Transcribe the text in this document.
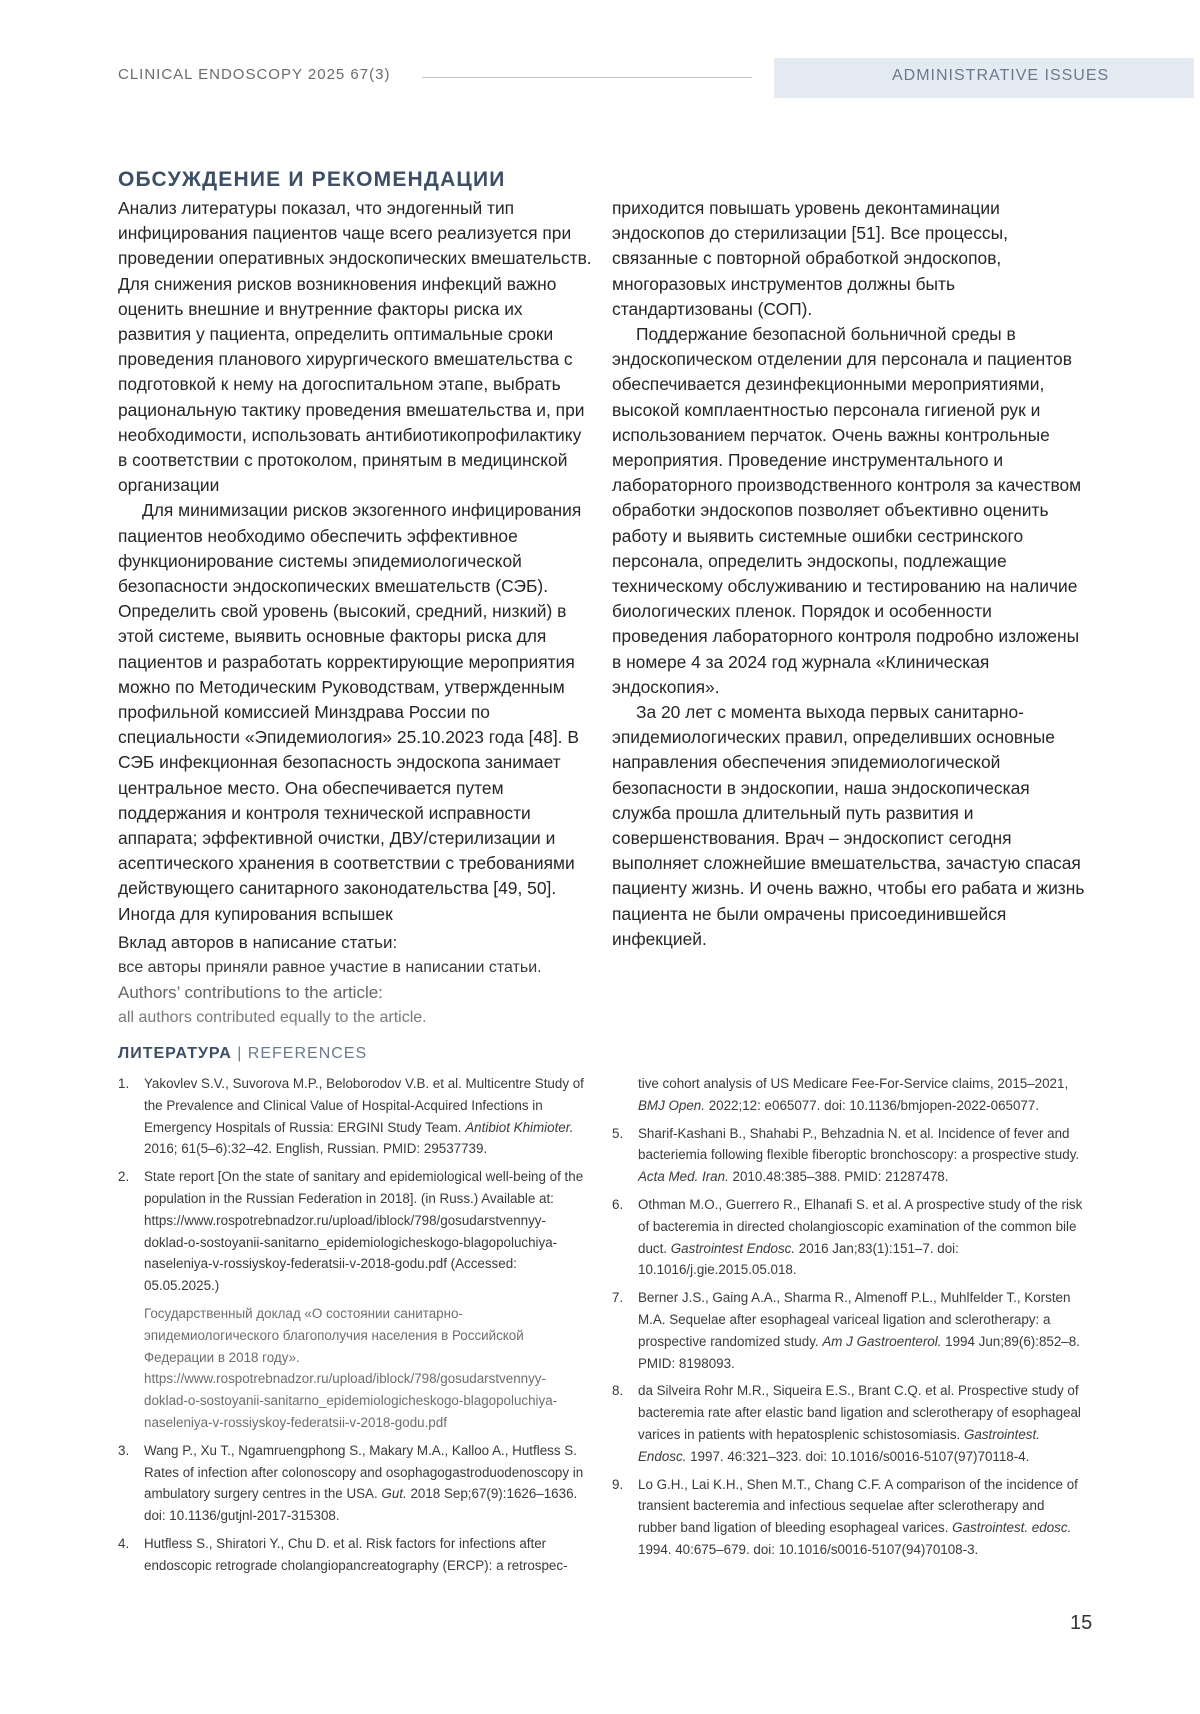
CLINICAL ENDOSCOPY 2025 67(3)	ADMINISTRATIVE ISSUES
ОБСУЖДЕНИЕ И РЕКОМЕНДАЦИИ

Анализ литературы показал, что эндогенный тип инфицирования пациентов чаще всего реализуется при проведении оперативных эндоскопических вмешательств. Для снижения рисков возникновения инфекций важно оценить внешние и внутренние факторы риска их развития у пациента, определить оптимальные сроки проведения планового хирургического вмешательства с подготовкой к нему на догоспитальном этапе, выбрать рациональную тактику проведения вмешательства и, при необходимости, использовать антибиотикопрофилактику в соответствии с протоколом, принятым в медицинской организации

Для минимизации рисков экзогенного инфицирования пациентов необходимо обеспечить эффективное функционирование системы эпидемиологической безопасности эндоскопических вмешательств (СЭБ). Определить свой уровень (высокий, средний, низкий) в этой системе, выявить основные факторы риска для пациентов и разработать корректирующие мероприятия можно по Методическим Руководствам, утвержденным профильной комиссией Минздрава России по специальности «Эпидемиология» 25.10.2023 года [48]. В СЭБ инфекционная безопасность эндоскопа занимает центральное место. Она обеспечивается путем поддержания и контроля технической исправности аппарата; эффективной очистки, ДВУ/стерилизации и асептического хранения в соответствии с требованиями действующего санитарного законодательства [49, 50]. Иногда для купирования вспышек

приходится повышать уровень деконтаминации эндоскопов до стерилизации [51]. Все процессы, связанные с повторной обработкой эндоскопов, многоразовых инструментов должны быть стандартизованы (СОП).

Поддержание безопасной больничной среды в эндоскопическом отделении для персонала и пациентов обеспечивается дезинфекционными мероприятиями, высокой комплаентностью персонала гигиеной рук и использованием перчаток. Очень важны контрольные мероприятия. Проведение инструментального и лабораторного производственного контроля за качеством обработки эндоскопов позволяет объективно оценить работу и выявить системные ошибки сестринского персонала, определить эндоскопы, подлежащие техническому обслуживанию и тестированию на наличие биологических пленок. Порядок и особенности проведения лабораторного контроля подробно изложены в номере 4 за 2024 год журнала «Клиническая эндоскопия».

За 20 лет с момента выхода первых санитарно-эпидемиологических правил, определивших основные направления обеспечения эпидемиологической безопасности в эндоскопии, наша эндоскопическая служба прошла длительный путь развития и совершенствования. Врач – эндоскопист сегодня выполняет сложнейшие вмешательства, зачастую спасая пациенту жизнь. И очень важно, чтобы его рабата и жизнь пациента не были омрачены присоединившейся инфекцией.

Вклад авторов в написание статьи:
все авторы приняли равное участие в написании статьи.
Authors’ contributions to the article:
all authors contributed equally to the article.
ЛИТЕРАТУРА | REFERENCES
1. Yakovlev S.V., Suvorova M.P., Beloborodov V.B. et al. Multicentre Study of the Prevalence and Clinical Value of Hospital-Acquired Infections in Emergency Hospitals of Russia: ERGINI Study Team. Antibiot Khimioter. 2016; 61(5–6):32–42. English, Russian. PMID: 29537739.
2. State report [On the state of sanitary and epidemiological well-being of the population in the Russian Federation in 2018]. (in Russ.) Available at: https://www.rospotrebnadzor.ru/upload/iblock/798/gosudarstvennyy-doklad-o-sostoyanii-sanitarno_epidemiologicheskogo-blagopoluchiya-naseleniya-v-rossiyskoy-federatsii-v-2018-godu.pdf (Accessed: 05.05.2025.)
Государственный доклад «О состоянии санитарно-эпидемиологического благополучия населения в Российской Федерации в 2018 году». https://www.rospotrebnadzor.ru/upload/iblock/798/gosudarstvennyy-doklad-o-sostoyanii-sanitarno_epidemiologicheskogo-blagopoluchiya-naseleniya-v-rossiyskoy-federatsii-v-2018-godu.pdf
3. Wang P., Xu T., Ngamruengphong S., Makary M.A., Kalloo A., Hutfless S. Rates of infection after colonoscopy and osophagogastroduodenoscopy in ambulatory surgery centres in the USA. Gut. 2018 Sep;67(9):1626–1636. doi: 10.1136/gutjnl-2017-315308.
4. Hutfless S., Shiratori Y., Chu D. et al. Risk factors for infections after endoscopic retrograde cholangiopancreatography (ERCP): a retrospec-
tive cohort analysis of US Medicare Fee-For-Service claims, 2015–2021, BMJ Open. 2022;12: e065077. doi: 10.1136/bmjopen-2022-065077.
5. Sharif-Kashani B., Shahabi P., Behzadnia N. et al. Incidence of fever and bacteriemia following flexible fiberoptic bronchoscopy: a prospective study. Acta Med. Iran. 2010.48:385–388. PMID: 21287478.
6. Othman M.O., Guerrero R., Elhanafi S. et al. A prospective study of the risk of bacteremia in directed cholangioscopic examination of the common bile duct. Gastrointest Endosc. 2016 Jan;83(1):151–7. doi: 10.1016/j.gie.2015.05.018.
7. Berner J.S., Gaing A.A., Sharma R., Almenoff P.L., Muhlfelder T., Korsten M.A. Sequelae after esophageal variceal ligation and sclerotherapy: a prospective randomized study. Am J Gastroenterol. 1994 Jun;89(6):852–8. PMID: 8198093.
8. da Silveira Rohr M.R., Siqueira E.S., Brant C.Q. et al. Prospective study of bacteremia rate after elastic band ligation and sclerotherapy of esophageal varices in patients with hepatosplenic schistosomiasis. Gastrointest. Endosc. 1997. 46:321–323. doi: 10.1016/s0016-5107(97)70118-4.
9. Lo G.H., Lai K.H., Shen M.T., Chang C.F. A comparison of the incidence of transient bacteremia and infectious sequelae after sclerotherapy and rubber band ligation of bleeding esophageal varices. Gastrointest. edosc. 1994. 40:675–679. doi: 10.1016/s0016-5107(94)70108-3.
15
